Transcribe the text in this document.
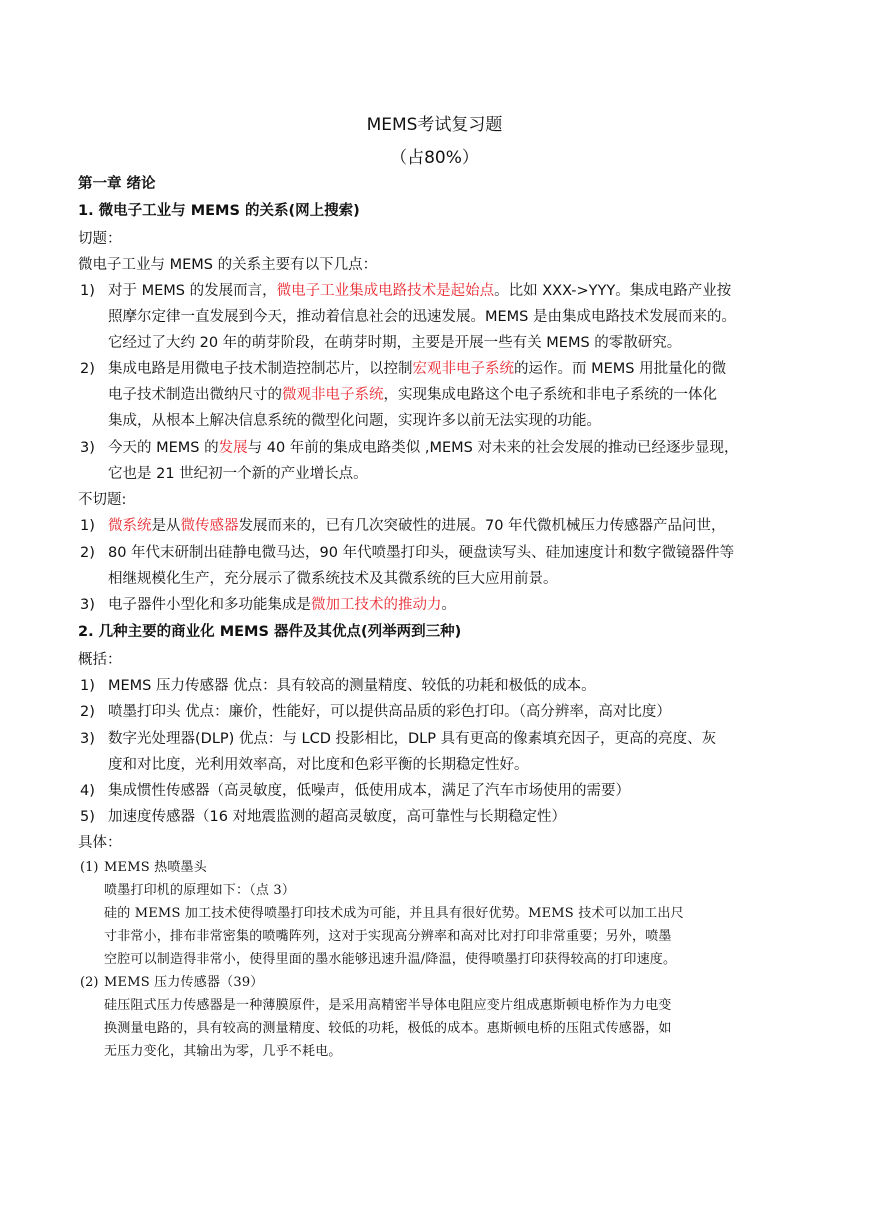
MEMS考试复习题
（占80%）
第一章 绪论
1. 微电子工业与 MEMS 的关系(网上搜索)
切题：
微电子工业与 MEMS 的关系主要有以下几点：
1) 对于 MEMS 的发展而言，微电子工业集成电路技术是起始点。比如 XXX->YYY。集成电路产业按
照摩尔定律一直发展到今天，推动着信息社会的迅速发展。MEMS 是由集成电路技术发展而来的。
它经过了大约 20 年的萌芽阶段，在萌芽时期，主要是开展一些有关 MEMS 的零散研究。
2) 集成电路是用微电子技术制造控制芯片，以控制宏观非电子系统的运作。而 MEMS 用批量化的微
电子技术制造出微纳尺寸的微观非电子系统，实现集成电路这个电子系统和非电子系统的一体化
集成，从根本上解决信息系统的微型化问题，实现许多以前无法实现的功能。
3) 今天的 MEMS 的发展与 40 年前的集成电路类似 ,MEMS 对未来的社会发展的推动已经逐步显现，
它也是 21 世纪初一个新的产业增长点。
不切题:
1) 微系统是从微传感器发展而来的，已有几次突破性的进展。70 年代微机械压力传感器产品问世，
2) 80 年代末研制出硅静电微马达，90 年代喷墨打印头，硬盘读写头、硅加速度计和数字微镜器件等
相继规模化生产，充分展示了微系统技术及其微系统的巨大应用前景。
3) 电子器件小型化和多功能集成是微加工技术的推动力。
2. 几种主要的商业化 MEMS 器件及其优点(列举两到三种)
概括：
1) MEMS 压力传感器 优点：具有较高的测量精度、较低的功耗和极低的成本。
2) 喷墨打印头 优点：廉价，性能好，可以提供高品质的彩色打印。（高分辨率，高对比度）
3) 数字光处理器(DLP) 优点：与 LCD 投影相比，DLP 具有更高的像素填充因子，更高的亮度、灰
度和对比度，光利用效率高，对比度和色彩平衡的长期稳定性好。
4) 集成惯性传感器（高灵敏度，低噪声，低使用成本，满足了汽车市场使用的需要）
5) 加速度传感器（16 对地震监测的超高灵敏度，高可靠性与长期稳定性）
具体：
(1) MEMS 热喷墨头
喷墨打印机的原理如下：（点 3）
硅的 MEMS 加工技术使得喷墨打印技术成为可能，并且具有很好优势。MEMS 技术可以加工出尺
寸非常小，排布非常密集的喷嘴阵列，这对于实现高分辨率和高对比对打印非常重要；另外，喷墨
空腔可以制造得非常小，使得里面的墨水能够迅速升温/降温，使得喷墨打印获得较高的打印速度。
(2) MEMS 压力传感器（39）
硅压阻式压力传感器是一种薄膜原件，是采用高精密半导体电阻应变片组成惠斯顿电桥作为力电变
换测量电路的，具有较高的测量精度、较低的功耗，极低的成本。惠斯顿电桥的压阻式传感器，如
无压力变化，其输出为零，几乎不耗电。
